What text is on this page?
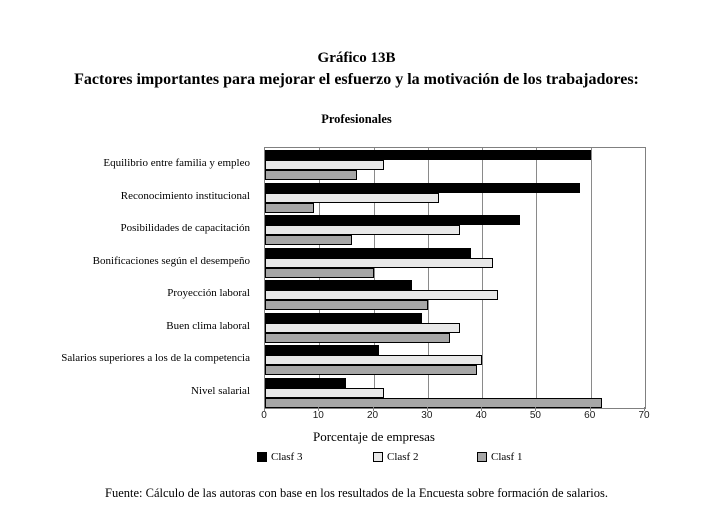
Gráfico 13B
Factores importantes para mejorar el esfuerzo y la motivación de los trabajadores:
Profesionales
Equilibrio entre familia y empleo
Reconocimiento institucional
Posibilidades de capacitación
Bonificaciones según el desempeño
Proyección laboral
Buen clima laboral
Salarios superiores a los de la competencia
Nivel salarial
0	10	20	30	40	50	60	70
Porcentaje de empresas
Clasf 3	Clasf 2	Clasf 1
Fuente: Cálculo de las autoras con base en los resultados de la Encuesta sobre formación de salarios.
